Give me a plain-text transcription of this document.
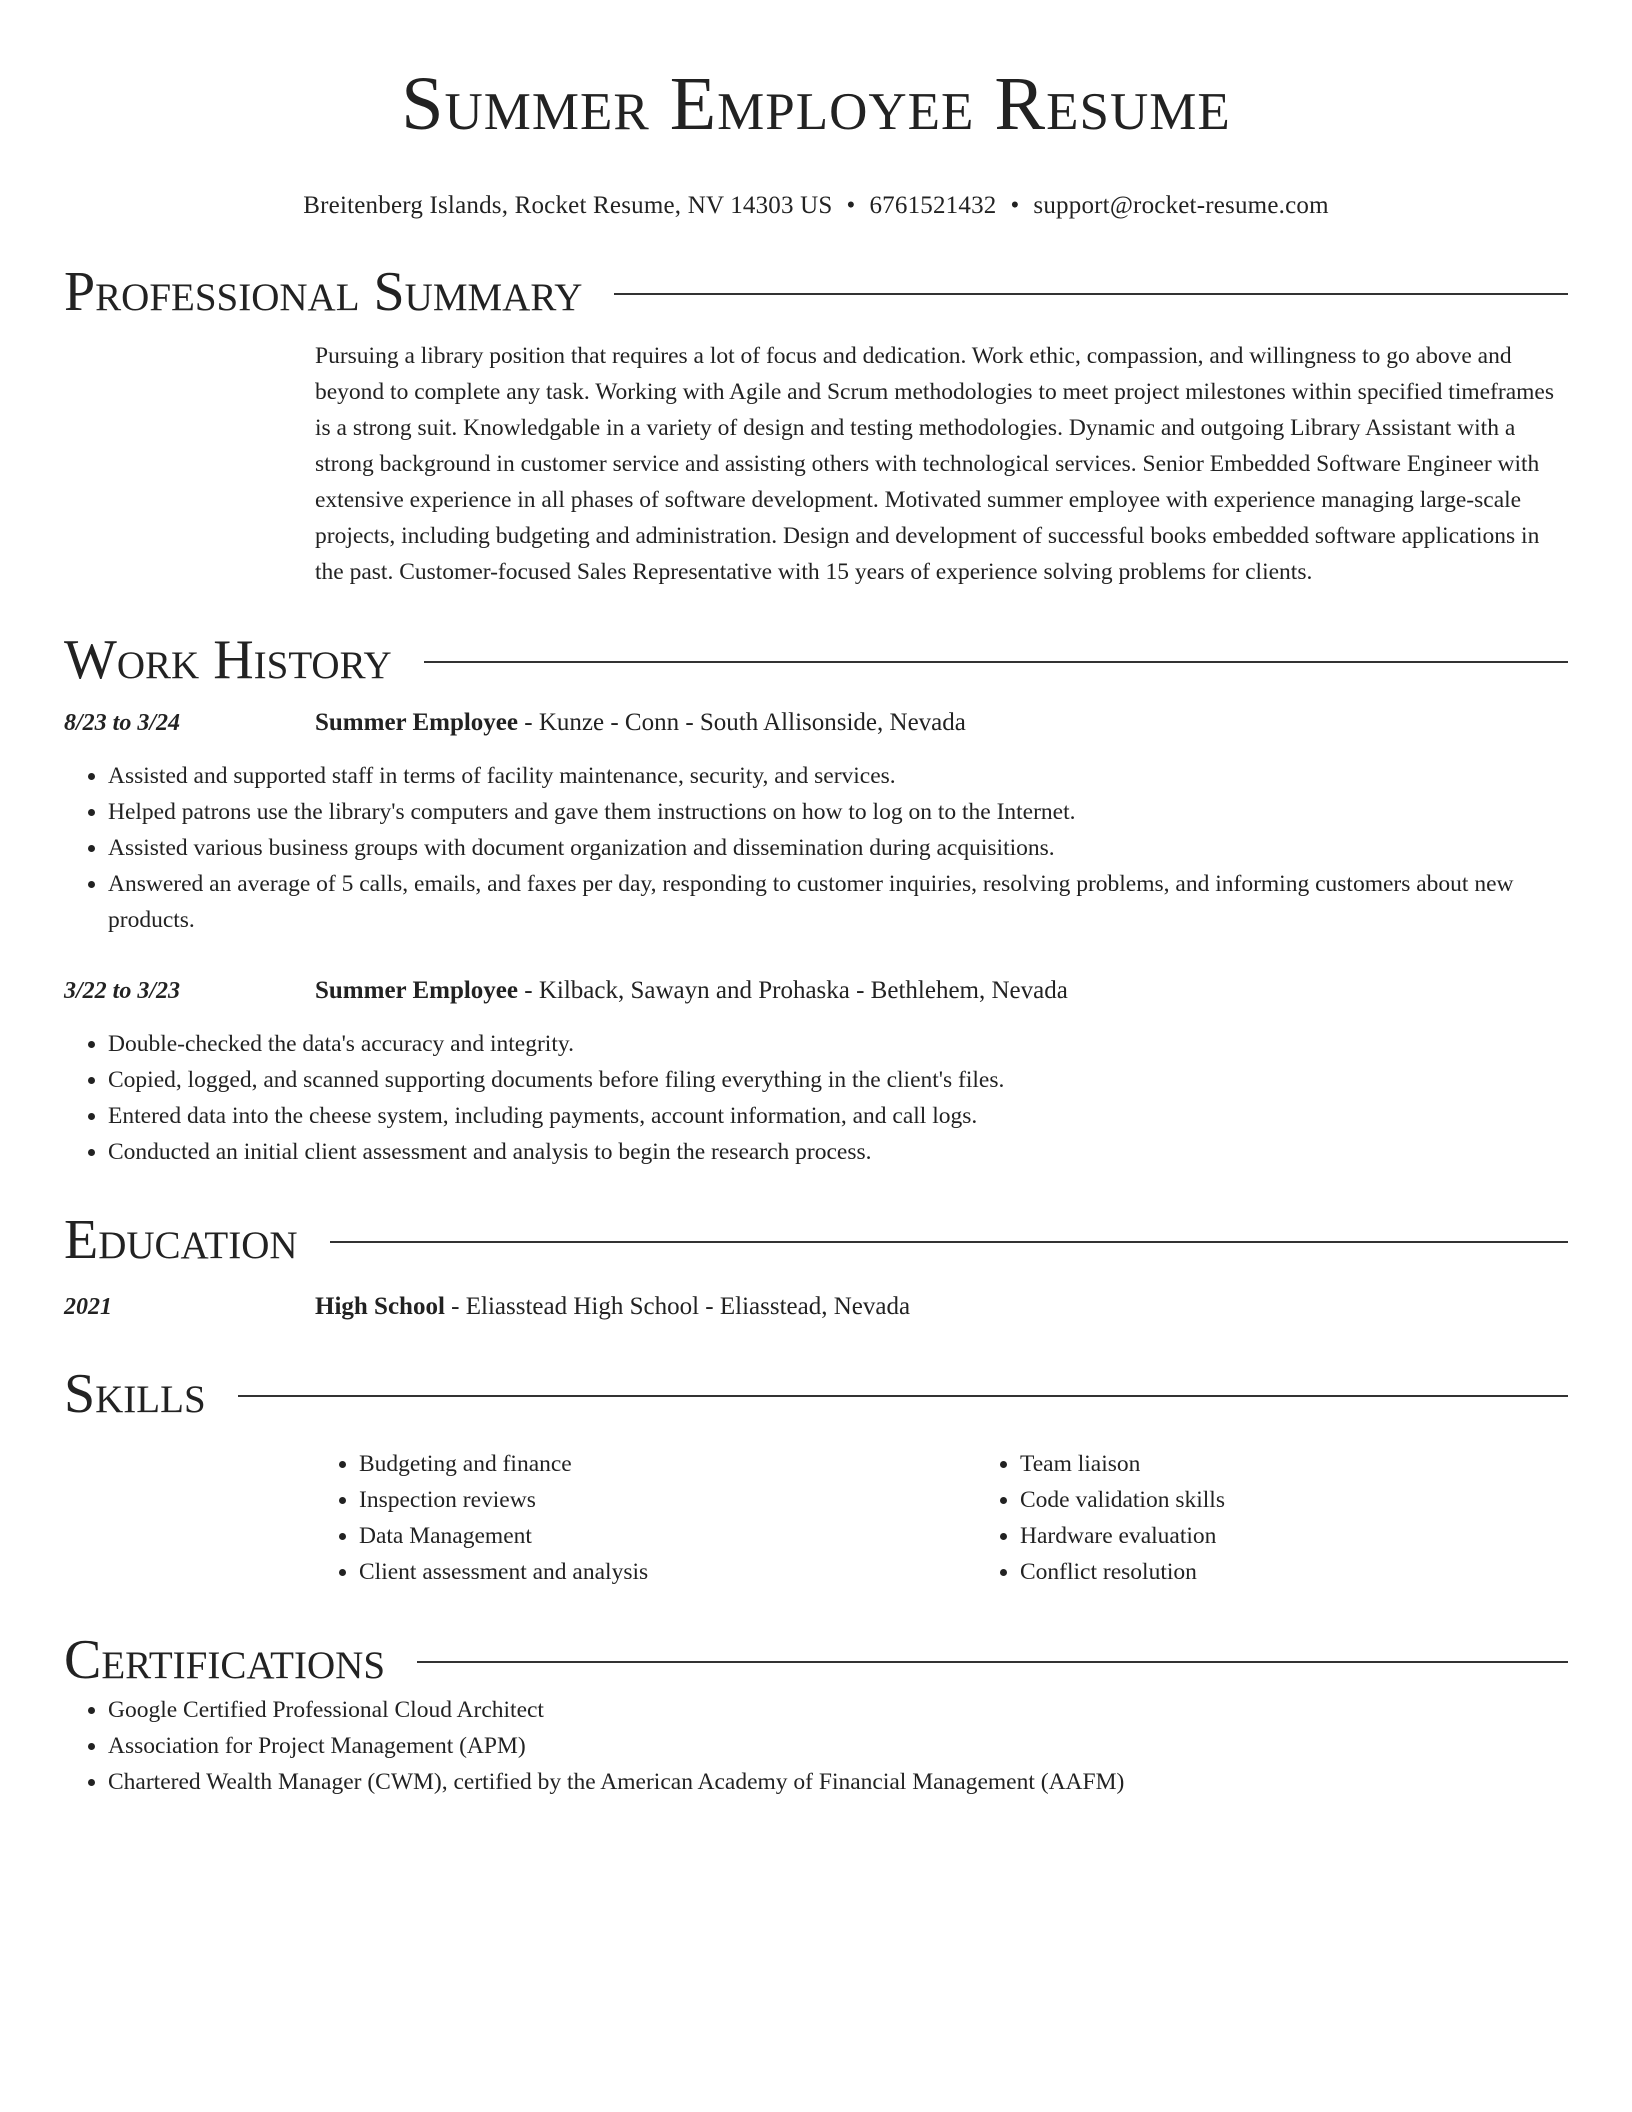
Summer Employee Resume
Breitenberg Islands, Rocket Resume, NV 14303 US • 6761521432 • support@rocket-resume.com
Professional Summary

Pursuing a library position that requires a lot of focus and dedication. Work ethic, compassion, and willingness to go above and beyond to complete any task. Working with Agile and Scrum methodologies to meet project milestones within specified timeframes is a strong suit. Knowledgable in a variety of design and testing methodologies. Dynamic and outgoing Library Assistant with a strong background in customer service and assisting others with technological services. Senior Embedded Software Engineer with extensive experience in all phases of software development. Motivated summer employee with experience managing large-scale projects, including budgeting and administration. Design and development of successful books embedded software applications in the past. Customer-focused Sales Representative with 15 years of experience solving problems for clients.

Work History
8/23 to 3/24	Summer Employee - Kunze - Conn - South Allisonside, Nevada
• Assisted and supported staff in terms of facility maintenance, security, and services.
• Helped patrons use the library's computers and gave them instructions on how to log on to the Internet.
• Assisted various business groups with document organization and dissemination during acquisitions.
• Answered an average of 5 calls, emails, and faxes per day, responding to customer inquiries, resolving problems, and informing customers about new products.
3/22 to 3/23	Summer Employee - Kilback, Sawayn and Prohaska - Bethlehem, Nevada
• Double-checked the data's accuracy and integrity.
• Copied, logged, and scanned supporting documents before filing everything in the client's files.
• Entered data into the cheese system, including payments, account information, and call logs.
• Conducted an initial client assessment and analysis to begin the research process.
Education
2021	High School - Eliasstead High School - Eliasstead, Nevada
Skills
• Budgeting and finance
• Inspection reviews
• Data Management
• Client assessment and analysis
• Team liaison
• Code validation skills
• Hardware evaluation
• Conflict resolution
Certifications
• Google Certified Professional Cloud Architect
• Association for Project Management (APM)
• Chartered Wealth Manager (CWM), certified by the American Academy of Financial Management (AAFM)
